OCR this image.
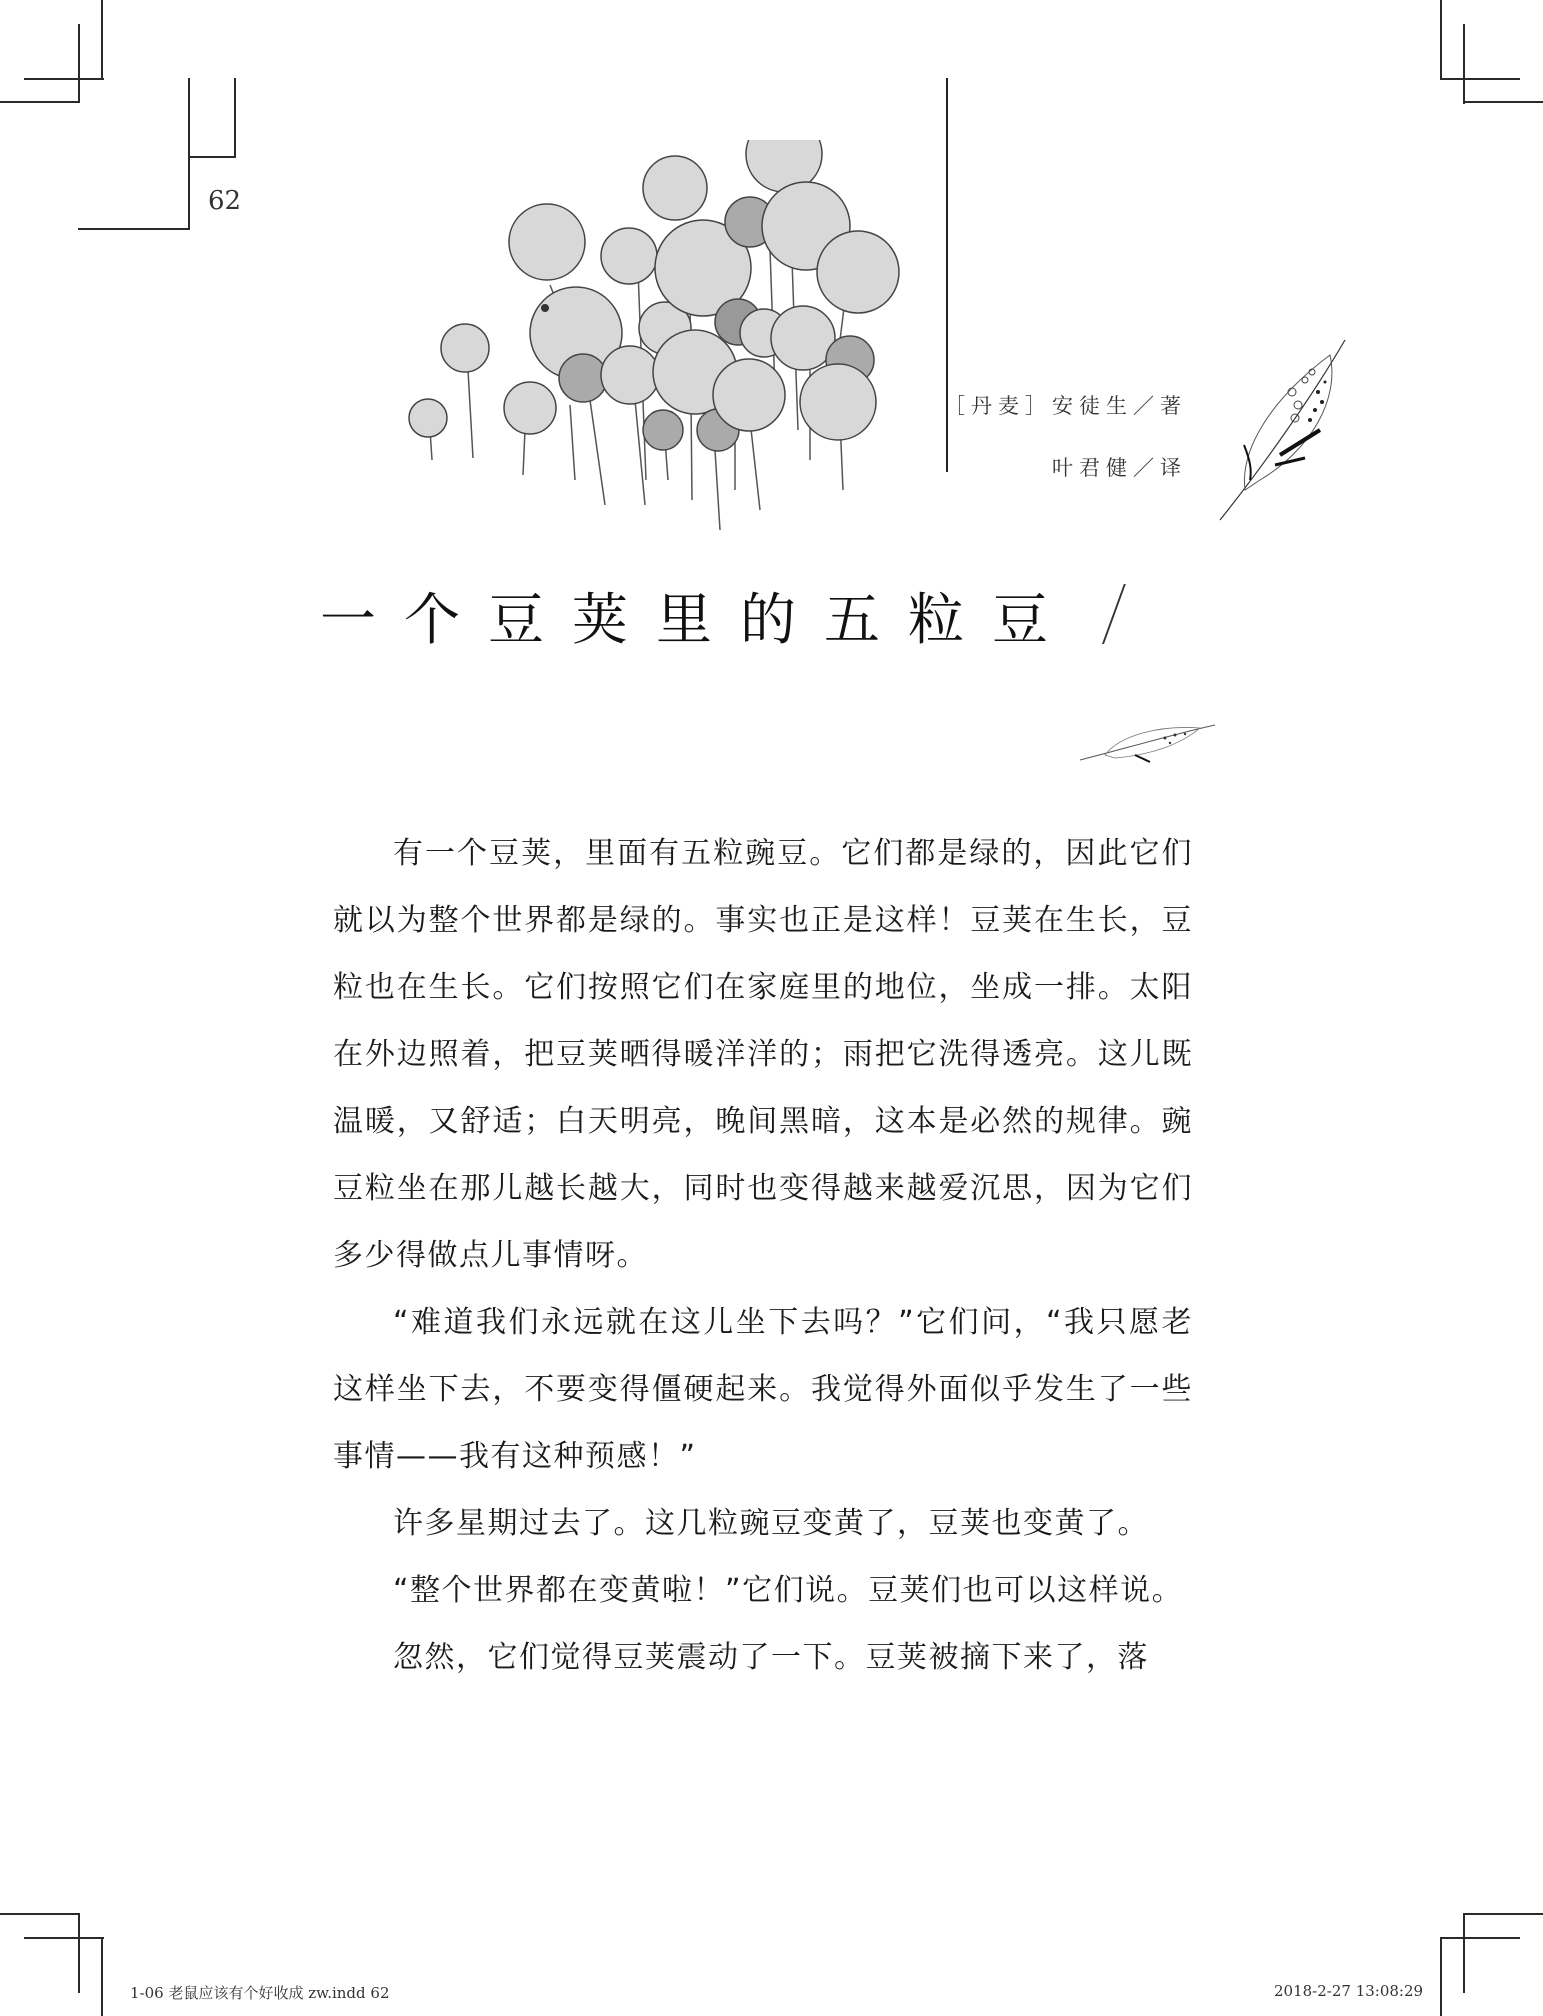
62
［丹麦］安徒生／著
叶君健／译
一个豆荚里的五粒豆

有一个豆荚，里面有五粒豌豆。它们都是绿的，因此它们就以为整个世界都是绿的。事实也正是这样！豆荚在生长，豆粒也在生长。它们按照它们在家庭里的地位，坐成一排。太阳在外边照着，把豆荚晒得暖洋洋的；雨把它洗得透亮。这儿既温暖，又舒适；白天明亮，晚间黑暗，这本是必然的规律。豌豆粒坐在那儿越长越大，同时也变得越来越爱沉思，因为它们多少得做点儿事情呀。

“难道我们永远就在这儿坐下去吗？”它们问，“我只愿老这样坐下去，不要变得僵硬起来。我觉得外面似乎发生了一些事情——我有这种预感！”

许多星期过去了。这几粒豌豆变黄了，豆荚也变黄了。

“整个世界都在变黄啦！”它们说。豆荚们也可以这样说。

忽然，它们觉得豆荚震动了一下。豆荚被摘下来了，落

1-06 老鼠应该有个好收成 zw.indd 62	2018-2-27 13:08:29
